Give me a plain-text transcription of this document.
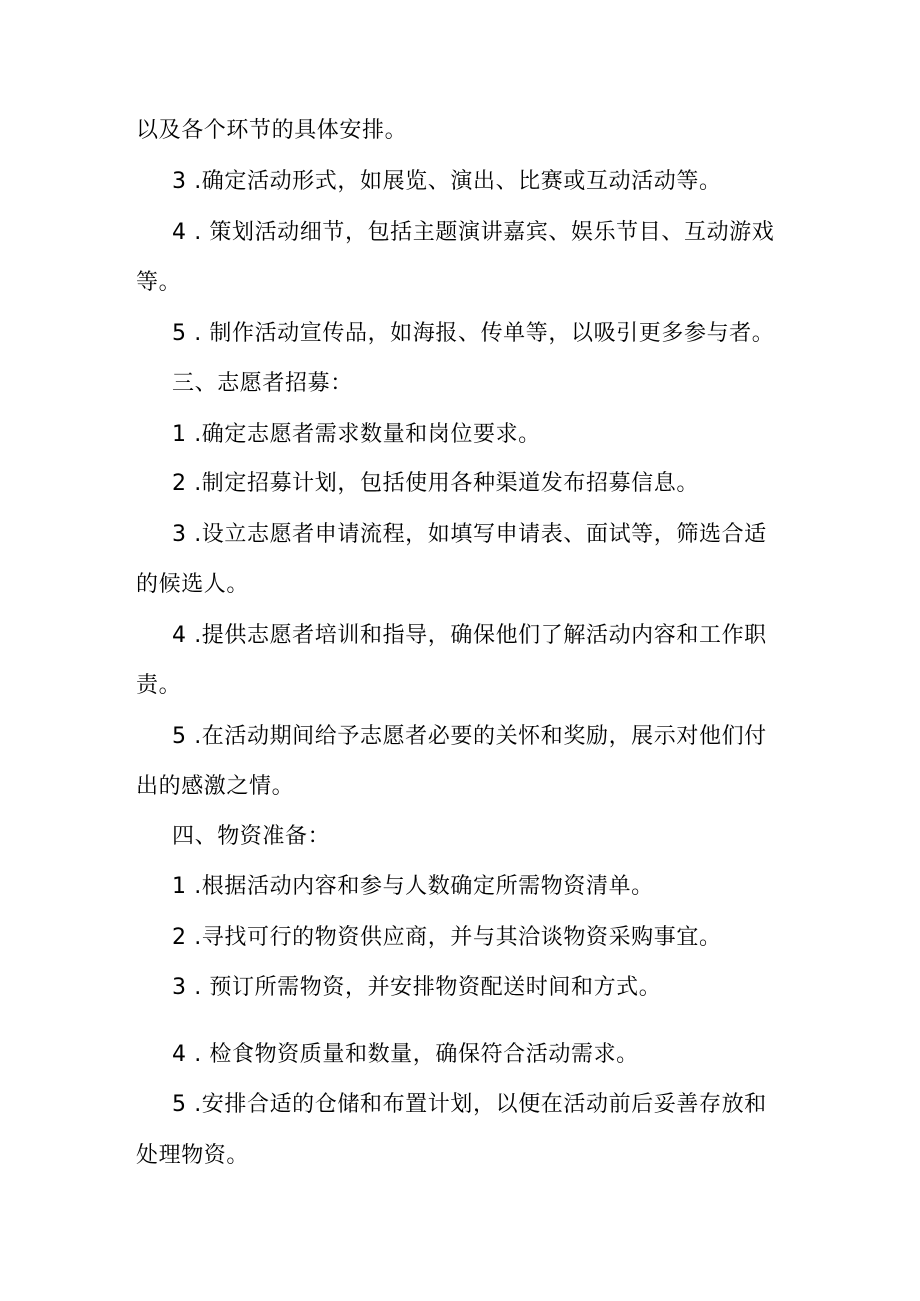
以及各个环节的具体安排。
3 .确定活动形式，如展览、演出、比赛或互动活动等。
4 . 策划活动细节，包括主题演讲嘉宾、娱乐节目、互动游戏
等。
5 . 制作活动宣传品，如海报、传单等，以吸引更多参与者。
三、志愿者招募：
1 .确定志愿者需求数量和岗位要求。
2 .制定招募计划，包括使用各种渠道发布招募信息。
3 .设立志愿者申请流程，如填写申请表、面试等，筛选合适
的候选人。
4 .提供志愿者培训和指导，确保他们了解活动内容和工作职
责。
5 .在活动期间给予志愿者必要的关怀和奖励，展示对他们付
出的感激之情。
四、物资准备：
1 .根据活动内容和参与人数确定所需物资清单。
2 .寻找可行的物资供应商，并与其洽谈物资采购事宜。
3 . 预订所需物资，并安排物资配送时间和方式。
4 . 检食物资质量和数量，确保符合活动需求。
5 .安排合适的仓储和布置计划，以便在活动前后妥善存放和
处理物资。
